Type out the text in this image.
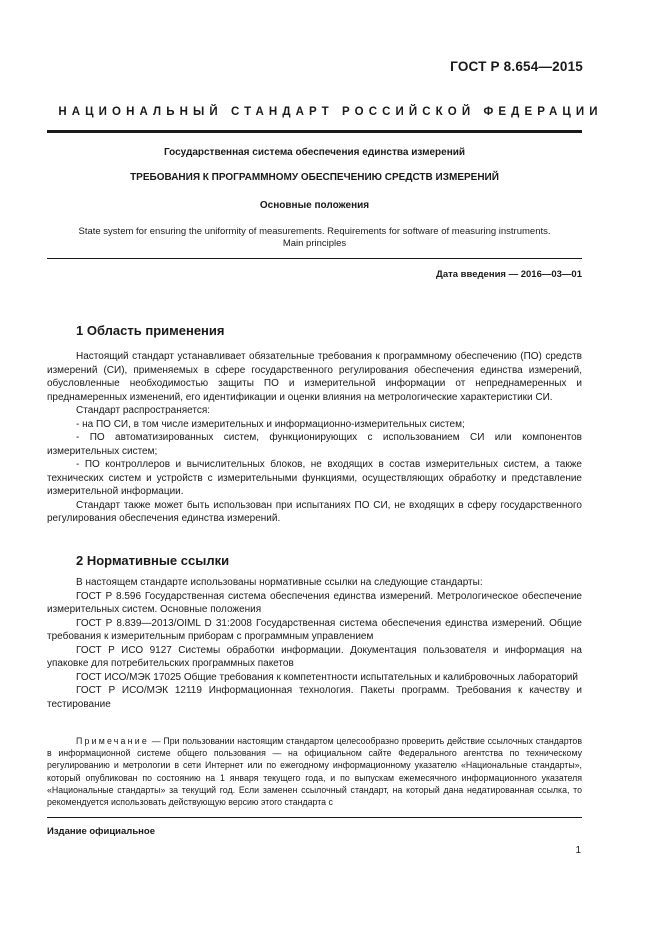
ГОСТ Р 8.654—2015
НАЦИОНАЛЬНЫЙ СТАНДАРТ РОССИЙСКОЙ ФЕДЕРАЦИИ
Государственная система обеспечения единства измерений
ТРЕБОВАНИЯ К ПРОГРАММНОМУ ОБЕСПЕЧЕНИЮ СРЕДСТВ ИЗМЕРЕНИЙ
Основные положения
State system for ensuring the uniformity of measurements. Requirements for software of measuring instruments.
Main principles
Дата введения — 2016—03—01
1 Область применения

Настоящий стандарт устанавливает обязательные требования к программному обеспечению (ПО) средств измерений (СИ), применяемых в сфере государственного регулирования обеспечения единства измерений, обусловленные необходимостью защиты ПО и измерительной информации от непреднамеренных и преднамеренных изменений, его идентификации и оценки влияния на метрологические характеристики СИ.

Стандарт распространяется:

- на ПО СИ, в том числе измерительных и информационно-измерительных систем;

- ПО автоматизированных систем, функционирующих с использованием СИ или компонентов измерительных систем;

- ПО контроллеров и вычислительных блоков, не входящих в состав измерительных систем, а также технических систем и устройств с измерительными функциями, осуществляющих обработку и представление измерительной информации.

Стандарт также может быть использован при испытаниях ПО СИ, не входящих в сферу государственного регулирования обеспечения единства измерений.

2 Нормативные ссылки

В настоящем стандарте использованы нормативные ссылки на следующие стандарты:

ГОСТ Р 8.596 Государственная система обеспечения единства измерений. Метрологическое обеспечение измерительных систем. Основные положения

ГОСТ Р 8.839—2013/OIML D 31:2008 Государственная система обеспечения единства измерений. Общие требования к измерительным приборам с программным управлением

ГОСТ Р ИСО 9127 Системы обработки информации. Документация пользователя и информация на упаковке для потребительских программных пакетов

ГОСТ ИСО/МЭК 17025 Общие требования к компетентности испытательных и калибровочных лабораторий

ГОСТ Р ИСО/МЭК 12119 Информационная технология. Пакеты программ. Требования к качеству и тестирование

Примечание — При пользовании настоящим стандартом целесообразно проверить действие ссылочных стандартов в информационной системе общего пользования — на официальном сайте Федерального агентства по техническому регулированию и метрологии в сети Интернет или по ежегодному информационному указателю «Национальные стандарты», который опубликован по состоянию на 1 января текущего года, и по выпускам ежемесячного информационного указателя «Национальные стандарты» за текущий год. Если заменен ссылочный стандарт, на который дана недатированная ссылка, то рекомендуется использовать действующую версию этого стандарта с

Издание официальное
1
